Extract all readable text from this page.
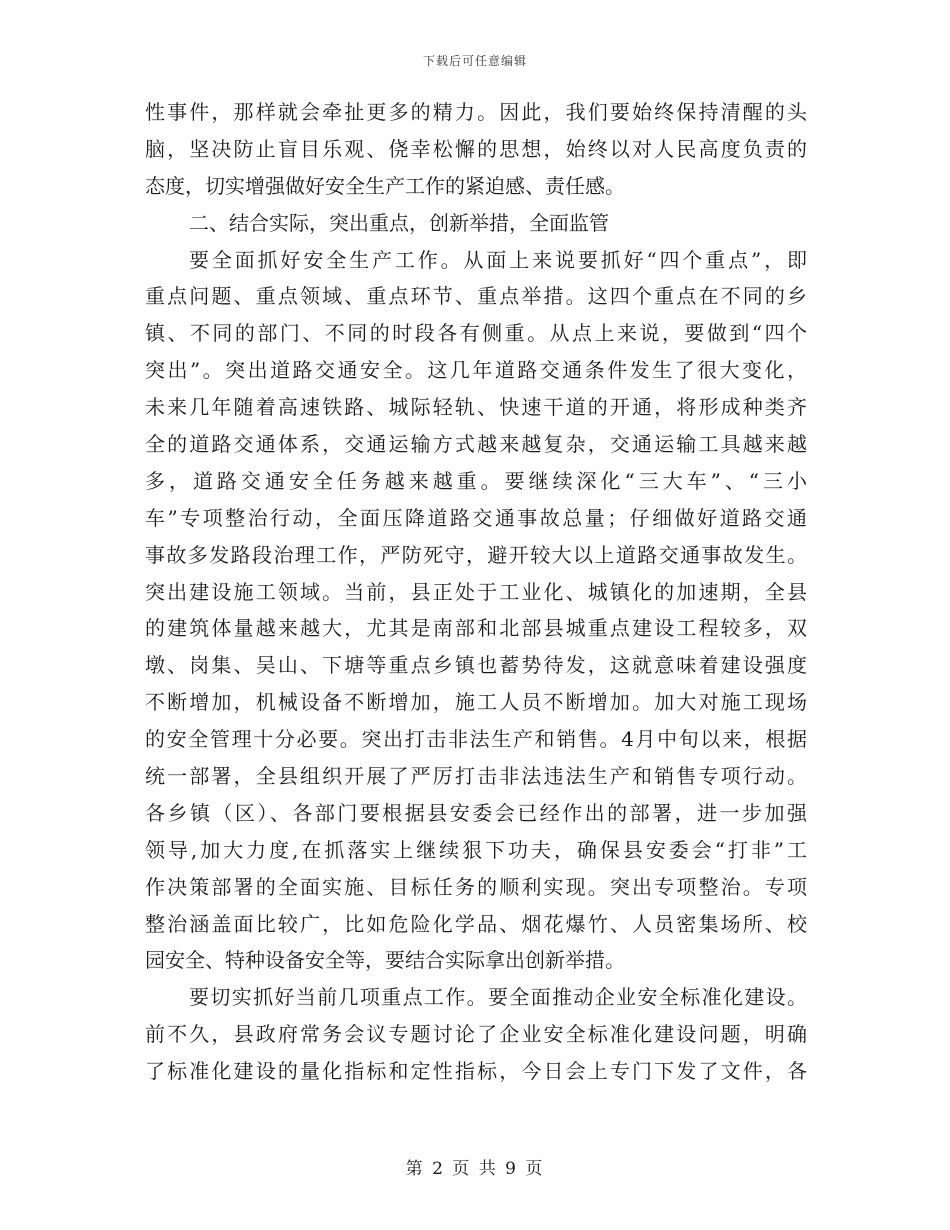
下载后可任意编辑
性事件，那样就会牵扯更多的精力。因此，我们要始终保持清醒的头
脑，坚决防止盲目乐观、侥幸松懈的思想，始终以对人民高度负责的
态度，切实增强做好安全生产工作的紧迫感、责任感。
二、结合实际，突出重点，创新举措，全面监管
要全面抓好安全生产工作。从面上来说要抓好“四个重点”，即
重点问题、重点领域、重点环节、重点举措。这四个重点在不同的乡
镇、不同的部门、不同的时段各有侧重。从点上来说，要做到“四个
突出”。突出道路交通安全。这几年道路交通条件发生了很大变化，
未来几年随着高速铁路、城际轻轨、快速干道的开通，将形成种类齐
全的道路交通体系，交通运输方式越来越复杂，交通运输工具越来越
多，道路交通安全任务越来越重。要继续深化“三大车”、“三小
车”专项整治行动，全面压降道路交通事故总量；仔细做好道路交通
事故多发路段治理工作，严防死守，避开较大以上道路交通事故发生。
突出建设施工领域。当前，县正处于工业化、城镇化的加速期，全县
的建筑体量越来越大，尤其是南部和北部县城重点建设工程较多，双
墩、岗集、吴山、下塘等重点乡镇也蓄势待发，这就意味着建设强度
不断增加，机械设备不断增加，施工人员不断增加。加大对施工现场
的安全管理十分必要。突出打击非法生产和销售。4月中旬以来，根据
统一部署，全县组织开展了严厉打击非法违法生产和销售专项行动。
各乡镇（区）、各部门要根据县安委会已经作出的部署，进一步加强
领导,加大力度,在抓落实上继续狠下功夫，确保县安委会“打非”工
作决策部署的全面实施、目标任务的顺利实现。突出专项整治。专项
整治涵盖面比较广，比如危险化学品、烟花爆竹、人员密集场所、校
园安全、特种设备安全等，要结合实际拿出创新举措。
要切实抓好当前几项重点工作。要全面推动企业安全标准化建设。
前不久，县政府常务会议专题讨论了企业安全标准化建设问题，明确
了标准化建设的量化指标和定性指标，今日会上专门下发了文件，各
第 2 页 共 9 页
